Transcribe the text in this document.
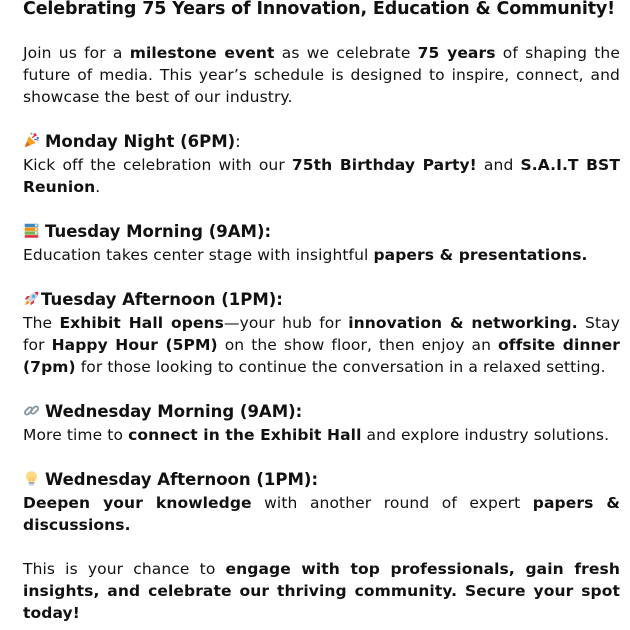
Celebrating 75 Years of Innovation, Education & Community!

Join us for a milestone event as we celebrate 75 years of shaping the future of media. This year’s schedule is designed to inspire, connect, and showcase the best of our industry.

Monday Night (6PM):

Kick off the celebration with our 75th Birthday Party! and S.A.I.T BST Reunion.

Tuesday Morning (9AM):

Education takes center stage with insightful papers & presentations.

Tuesday Afternoon (1PM):

The Exhibit Hall opens—your hub for innovation & networking. Stay for Happy Hour (5PM) on the show floor, then enjoy an offsite dinner (7pm) for those looking to continue the conversation in a relaxed setting.

Wednesday Morning (9AM):

More time to connect in the Exhibit Hall and explore industry solutions.

Wednesday Afternoon (1PM):

Deepen your knowledge with another round of expert papers & discussions.

This is your chance to engage with top professionals, gain fresh insights, and celebrate our thriving community. Secure your spot today!
